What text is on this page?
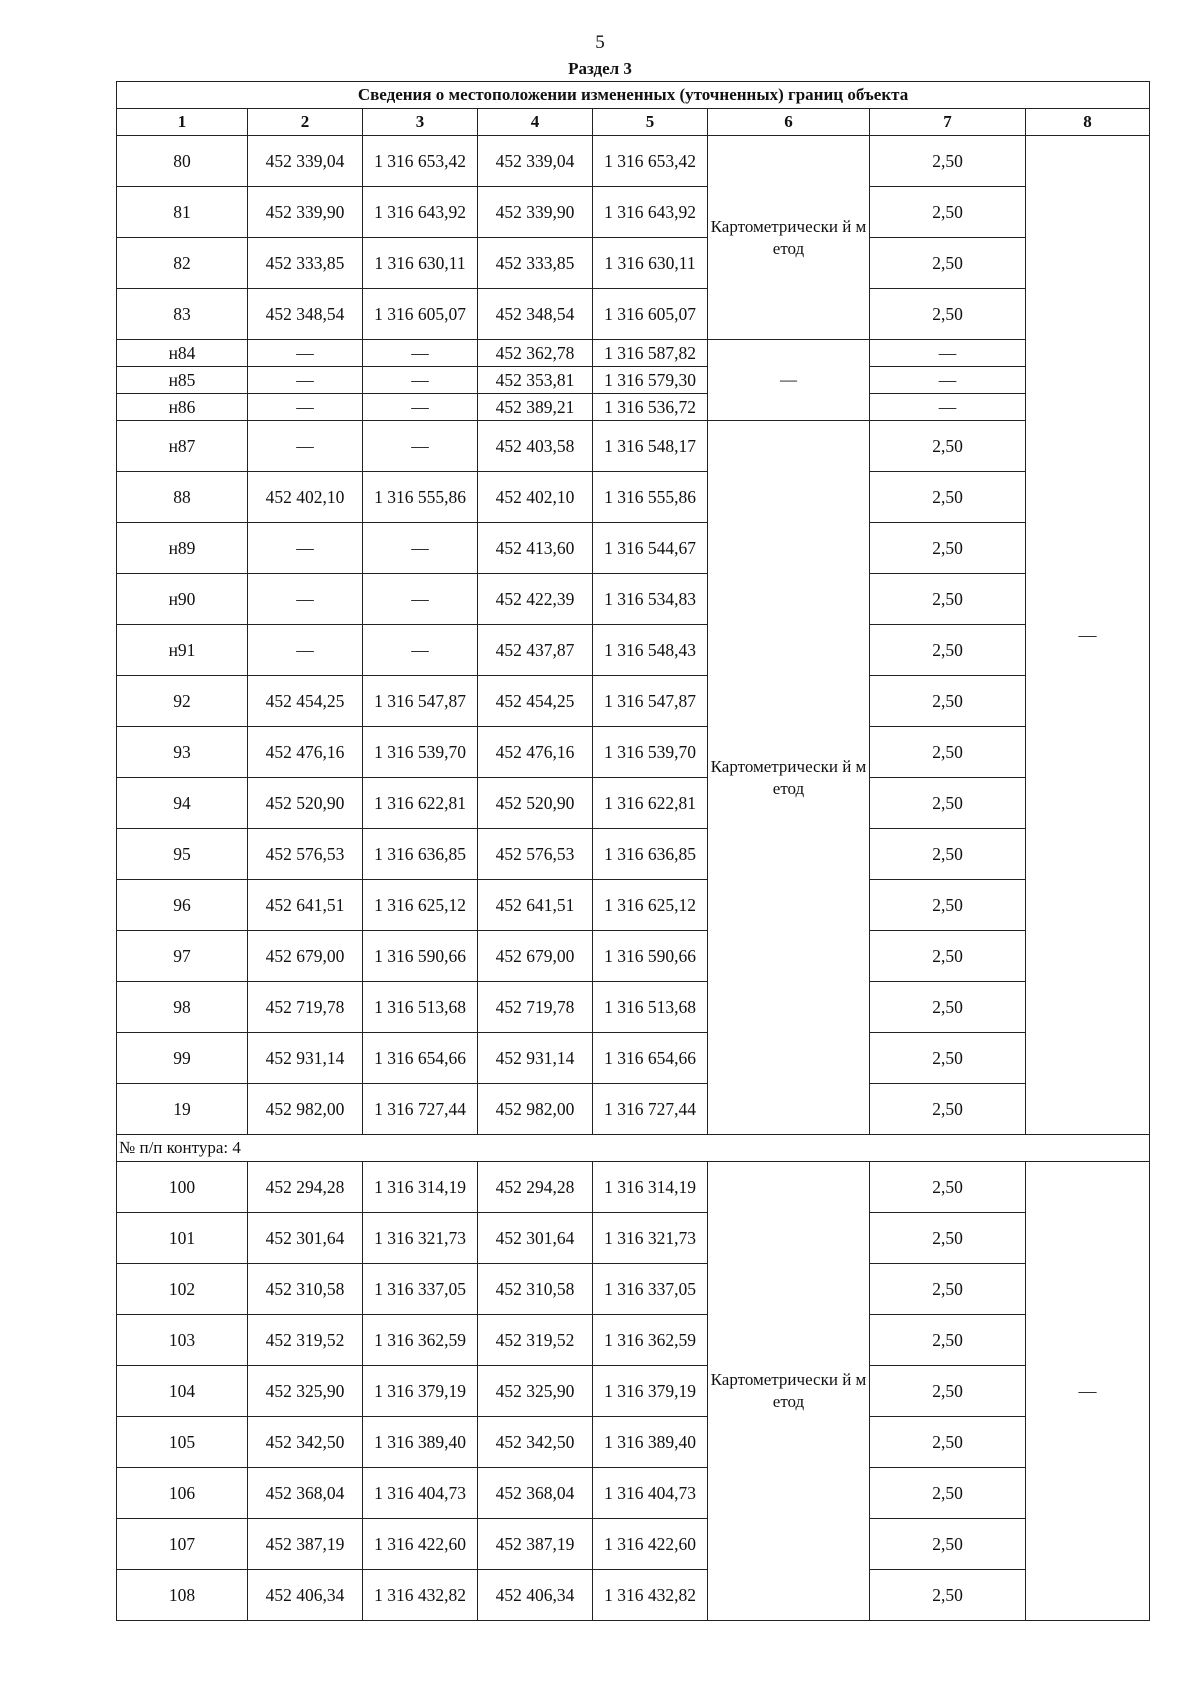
5
Раздел 3
Сведения о местоположении измененных (уточненных) границ объекта							
1	2	3	4	5	6	7	8
80	452 339,04	1 316 653,42	452 339,04	1 316 653,42	Картометрически й метод	2,50	—
81	452 339,90	1 316 643,92	452 339,90	1 316 643,92		2,50	
82	452 333,85	1 316 630,11	452 333,85	1 316 630,11		2,50	
83	452 348,54	1 316 605,07	452 348,54	1 316 605,07		2,50	
н84	—	—	452 362,78	1 316 587,82	—	—	
н85	—	—	452 353,81	1 316 579,30		—	
н86	—	—	452 389,21	1 316 536,72		—	
н87	—	—	452 403,58	1 316 548,17	Картометрически й метод	2,50	
88	452 402,10	1 316 555,86	452 402,10	1 316 555,86		2,50	
н89	—	—	452 413,60	1 316 544,67		2,50	
н90	—	—	452 422,39	1 316 534,83		2,50	
н91	—	—	452 437,87	1 316 548,43		2,50	
92	452 454,25	1 316 547,87	452 454,25	1 316 547,87		2,50	
93	452 476,16	1 316 539,70	452 476,16	1 316 539,70		2,50	
94	452 520,90	1 316 622,81	452 520,90	1 316 622,81		2,50	
95	452 576,53	1 316 636,85	452 576,53	1 316 636,85		2,50	
96	452 641,51	1 316 625,12	452 641,51	1 316 625,12		2,50	
97	452 679,00	1 316 590,66	452 679,00	1 316 590,66		2,50	
98	452 719,78	1 316 513,68	452 719,78	1 316 513,68		2,50	
99	452 931,14	1 316 654,66	452 931,14	1 316 654,66		2,50	
19	452 982,00	1 316 727,44	452 982,00	1 316 727,44		2,50	
№ п/п контура: 4							
100	452 294,28	1 316 314,19	452 294,28	1 316 314,19	Картометрически й метод	2,50	—
101	452 301,64	1 316 321,73	452 301,64	1 316 321,73		2,50	
102	452 310,58	1 316 337,05	452 310,58	1 316 337,05		2,50	
103	452 319,52	1 316 362,59	452 319,52	1 316 362,59		2,50	
104	452 325,90	1 316 379,19	452 325,90	1 316 379,19		2,50	
105	452 342,50	1 316 389,40	452 342,50	1 316 389,40		2,50	
106	452 368,04	1 316 404,73	452 368,04	1 316 404,73		2,50	
107	452 387,19	1 316 422,60	452 387,19	1 316 422,60		2,50	
108	452 406,34	1 316 432,82	452 406,34	1 316 432,82		2,50	
